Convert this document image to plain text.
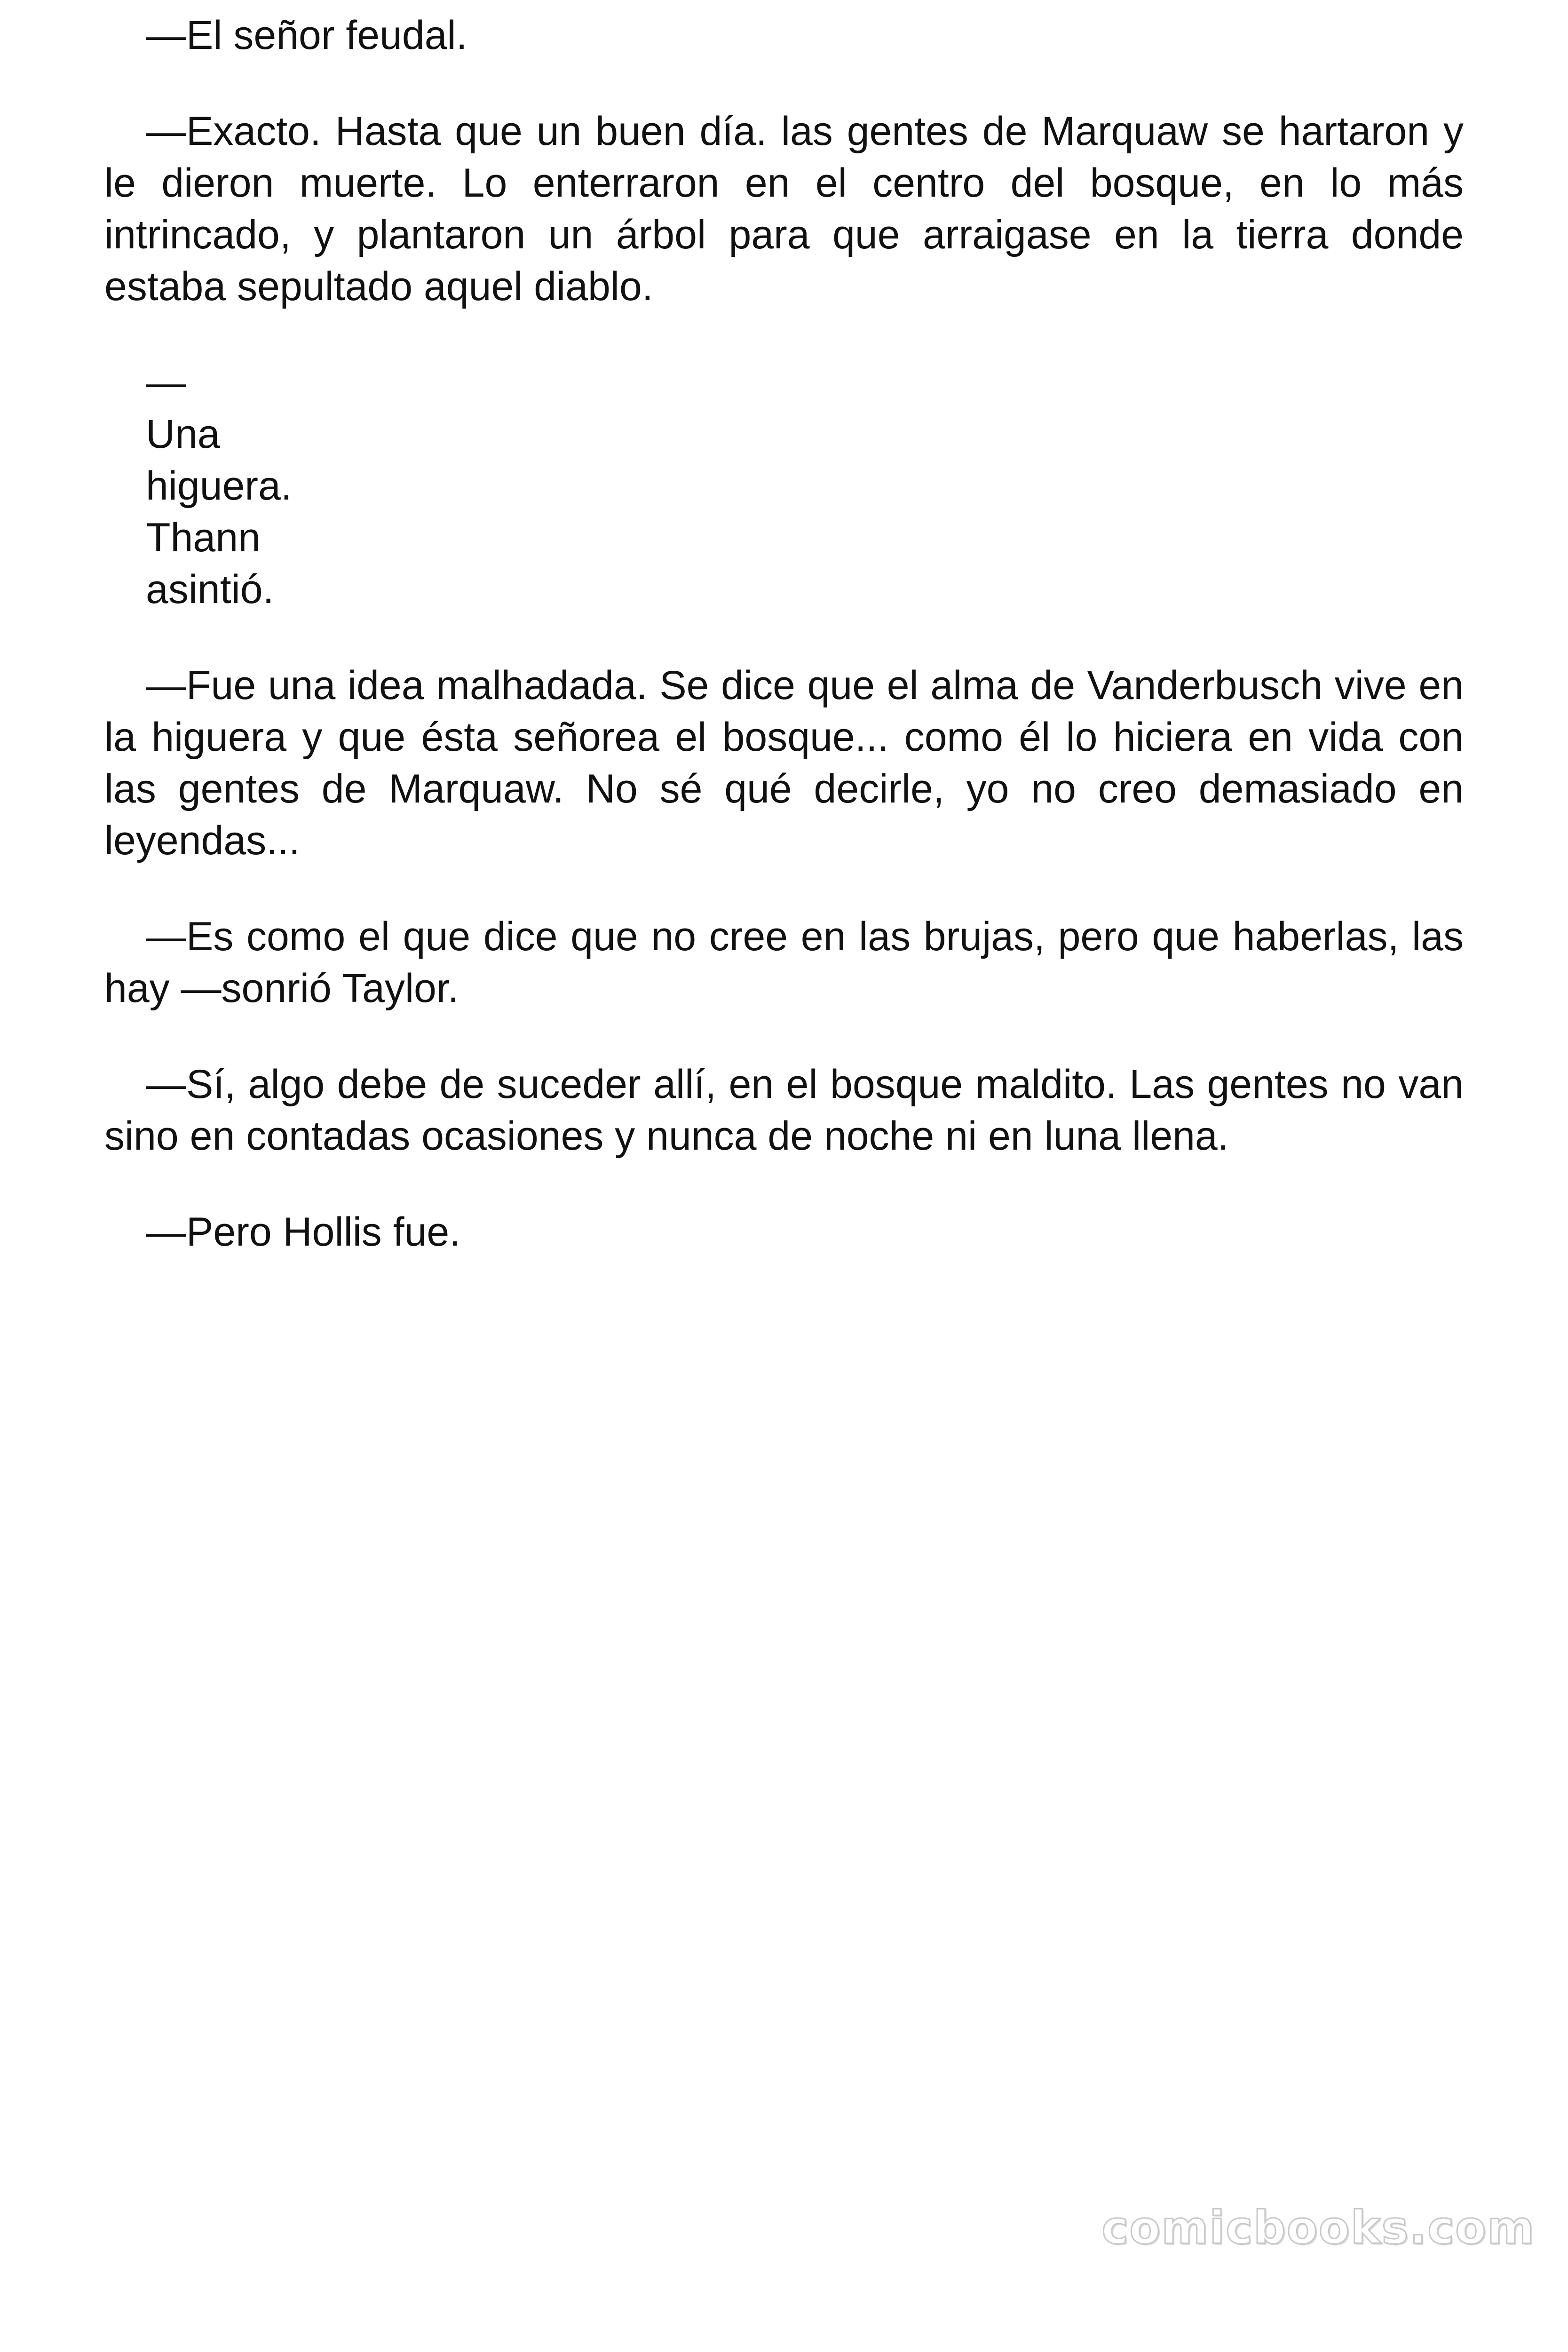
—El señor feudal.

—Exacto. Hasta que un buen día. las gentes de Marquaw se hartaron y le dieron muerte. Lo enterraron en el centro del bosque, en lo más intrincado, y plantaron un árbol para que arraigase en la tierra donde estaba sepultado aquel diablo.

—
Una
higuera.
Thann
asintió.

—Fue una idea malhadada. Se dice que el alma de Vanderbusch vive en la higuera y que ésta señorea el bosque... como él lo hiciera en vida con las gentes de Marquaw. No sé qué decirle, yo no creo demasiado en leyendas...

—Es como el que dice que no cree en las brujas, pero que haberlas, las hay —sonrió Taylor.

—Sí, algo debe de suceder allí, en el bosque maldito. Las gentes no van sino en contadas ocasiones y nunca de noche ni en luna llena.

—Pero Hollis fue.

comicbooks.com
